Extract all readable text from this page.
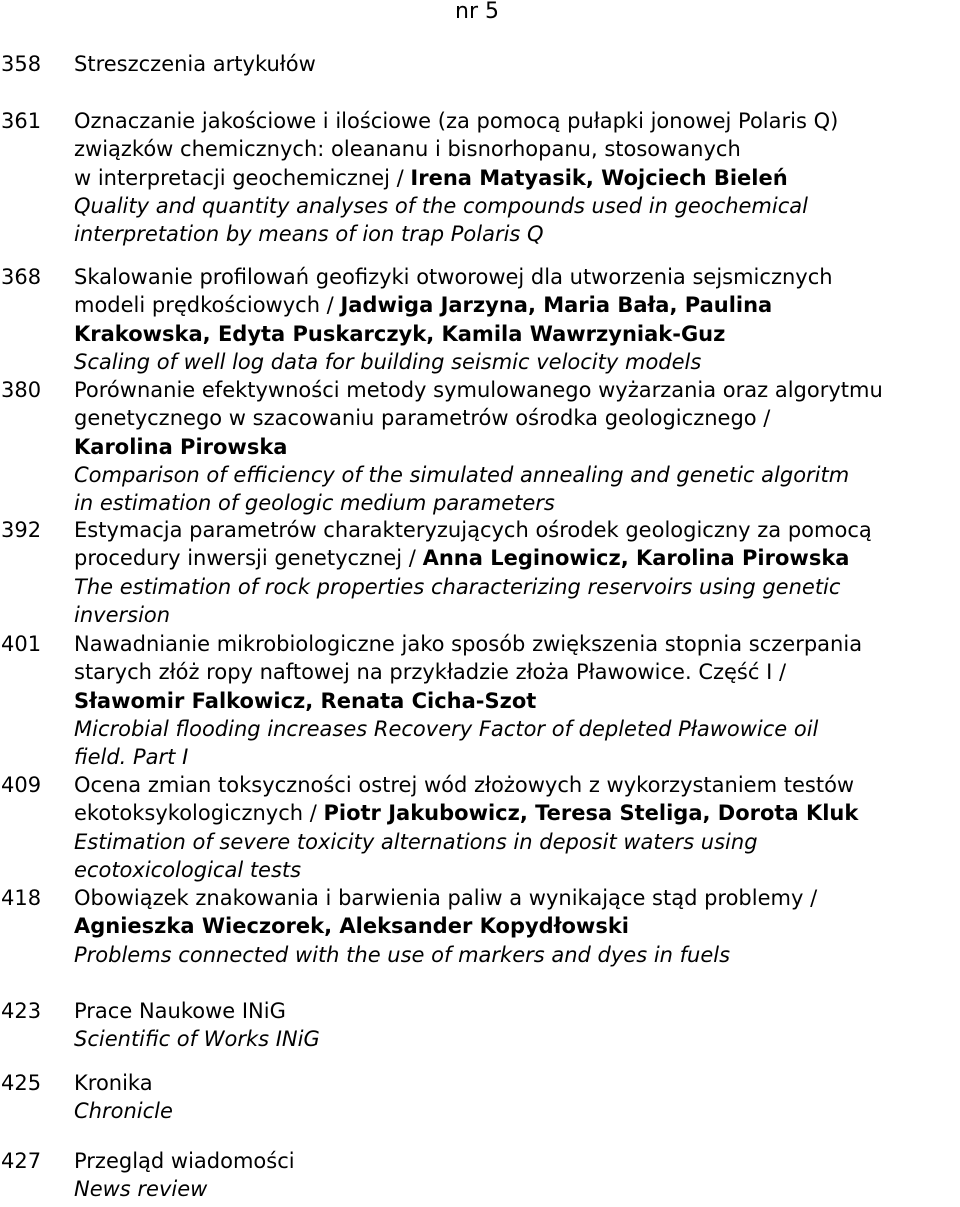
nr 5
358	Streszczenia artykułów
361	Oznaczanie jakościowe i ilościowe (za pomocą pułapki jonowej Polaris Q)
związków chemicznych: oleananu i bisnorhopanu, stosowanych
w interpretacji geochemicznej / Irena Matyasik, Wojciech Bieleń
Quality and quantity analyses of the compounds used in geochemical
interpretation by means of ion trap Polaris Q
368	Skalowanie profilowań geofizyki otworowej dla utworzenia sejsmicznych
modeli prędkościowych / Jadwiga Jarzyna, Maria Bała, Paulina
Krakowska, Edyta Puskarczyk, Kamila Wawrzyniak-Guz
Scaling of well log data for building seismic velocity models
380	Porównanie efektywności metody symulowanego wyżarzania oraz algorytmu
genetycznego w szacowaniu parametrów ośrodka geologicznego /
Karolina Pirowska
Comparison of efficiency of the simulated annealing and genetic algoritm
in estimation of geologic medium parameters
392	Estymacja parametrów charakteryzujących ośrodek geologiczny za pomocą
procedury inwersji genetycznej / Anna Leginowicz, Karolina Pirowska
The estimation of rock properties characterizing reservoirs using genetic
inversion
401	Nawadnianie mikrobiologiczne jako sposób zwiększenia stopnia sczerpania
starych złóż ropy naftowej na przykładzie złoża Pławowice. Część I /
Sławomir Falkowicz, Renata Cicha-Szot
Microbial flooding increases Recovery Factor of depleted Pławowice oil
field. Part I
409	Ocena zmian toksyczności ostrej wód złożowych z wykorzystaniem testów
ekotoksykologicznych / Piotr Jakubowicz, Teresa Steliga, Dorota Kluk
Estimation of severe toxicity alternations in deposit waters using
ecotoxicological tests
418	Obowiązek znakowania i barwienia paliw a wynikające stąd problemy /
Agnieszka Wieczorek, Aleksander Kopydłowski
Problems connected with the use of markers and dyes in fuels
423	Prace Naukowe INiG
Scientific of Works INiG
425	Kronika
Chronicle
427	Przegląd wiadomości
News review
